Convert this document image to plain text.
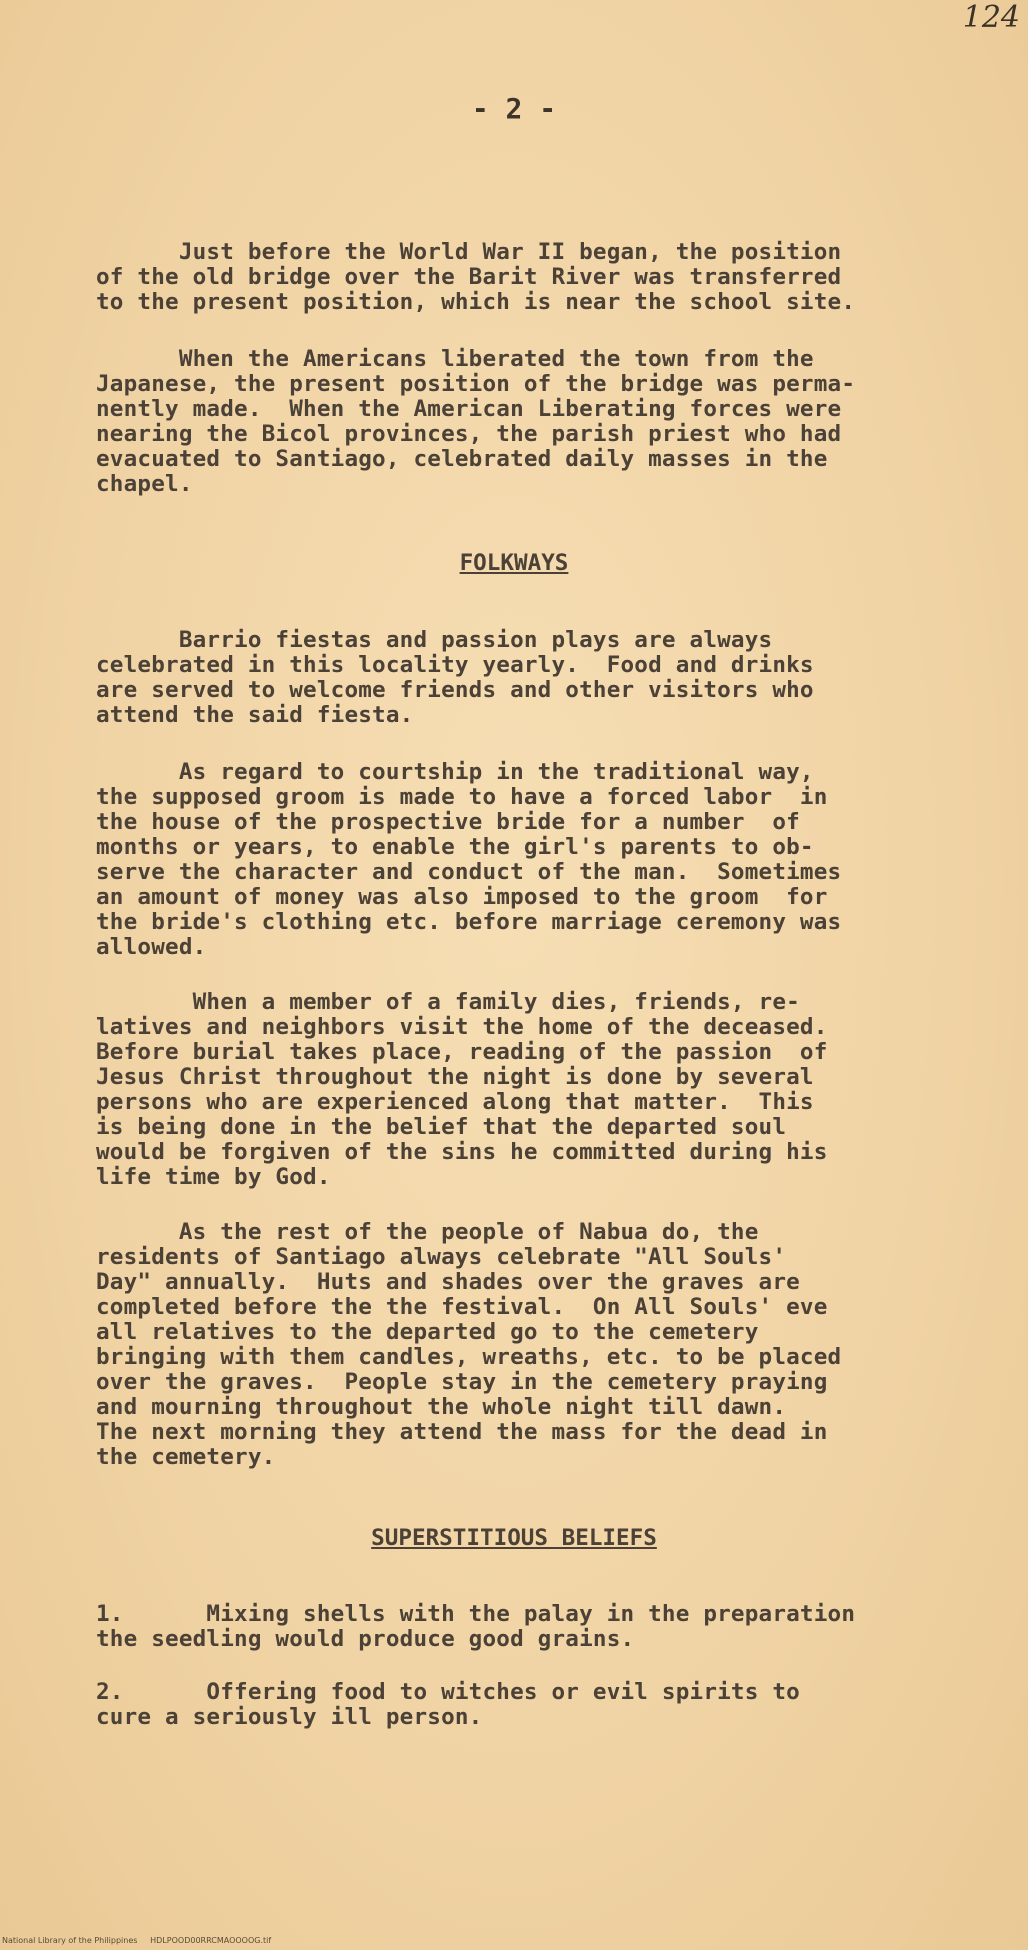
124
- 2 -
Just before the World War II began, the position
of the old bridge over the Barit River was transferred
to the present position, which is near the school site.
When the Americans liberated the town from the
Japanese, the present position of the bridge was perma-
nently made.  When the American Liberating forces were
nearing the Bicol provinces, the parish priest who had
evacuated to Santiago, celebrated daily masses in the
chapel.
FOLKWAYS
Barrio fiestas and passion plays are always
celebrated in this locality yearly.  Food and drinks
are served to welcome friends and other visitors who
attend the said fiesta.
As regard to courtship in the traditional way,
the supposed groom is made to have a forced labor  in
the house of the prospective bride for a number  of
months or years, to enable the girl's parents to ob-
serve the character and conduct of the man.  Sometimes
an amount of money was also imposed to the groom  for
the bride's clothing etc. before marriage ceremony was
allowed.
When a member of a family dies, friends, re-
latives and neighbors visit the home of the deceased.
Before burial takes place, reading of the passion  of
Jesus Christ throughout the night is done by several
persons who are experienced along that matter.  This
is being done in the belief that the departed soul
would be forgiven of the sins he committed during his
life time by God.
As the rest of the people of Nabua do, the
residents of Santiago always celebrate "All Souls'
Day" annually.  Huts and shades over the graves are
completed before the the festival.  On All Souls' eve
all relatives to the departed go to the cemetery
bringing with them candles, wreaths, etc. to be placed
over the graves.  People stay in the cemetery praying
and mourning throughout the whole night till dawn.
The next morning they attend the mass for the dead in
the cemetery.
SUPERSTITIOUS BELIEFS
1.      Mixing shells with the palay in the preparation
the seedling would produce good grains.
2.      Offering food to witches or evil spirits to
cure a seriously ill person.
National Library of the Philippines     HDLPOOD00RRCMAOOOOG.tif
